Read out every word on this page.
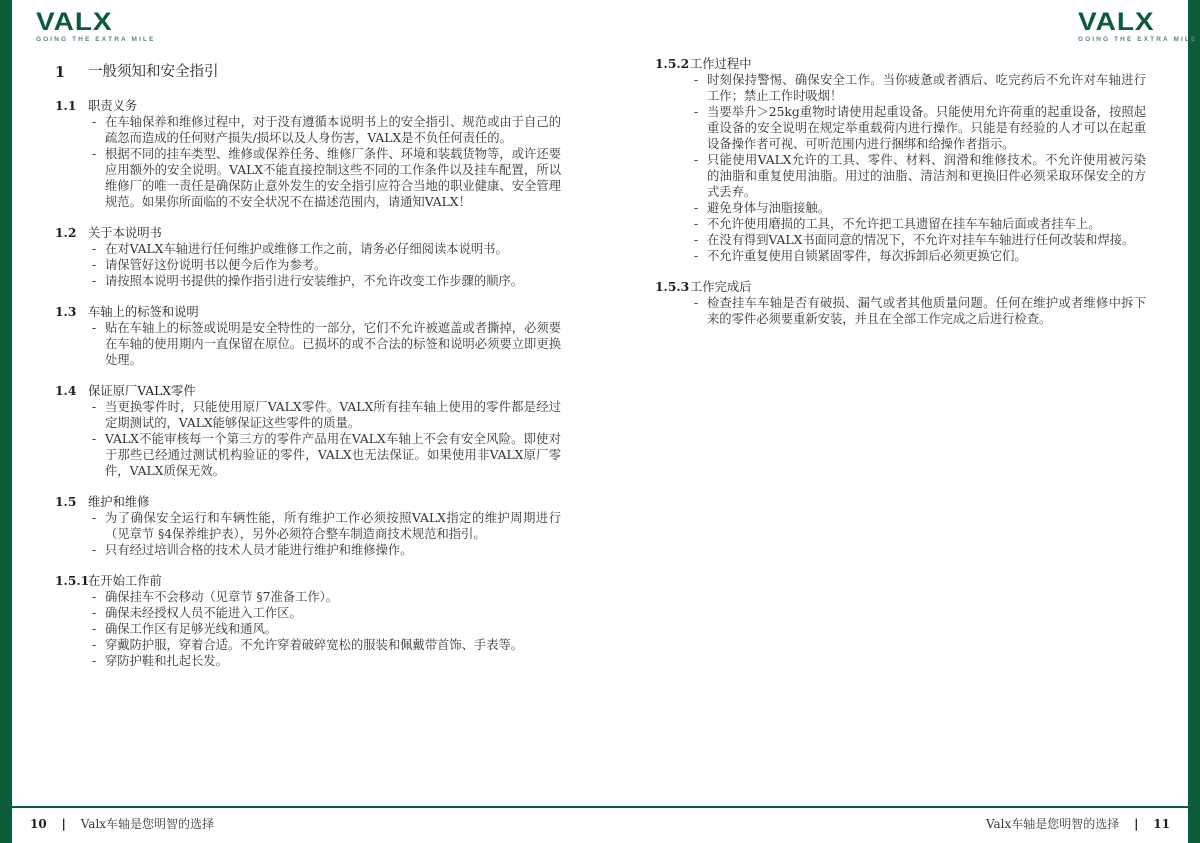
VALX
GOING THE EXTRA MILE
VALX
GOING THE EXTRA MILE
1	一般须知和安全指引
1.1 职责义务
- 在车轴保养和维修过程中，对于没有遵循本说明书上的安全指引、规范或由于自己的疏忽而造成的任何财产损失/损坏以及人身伤害，VALX是不负任何责任的。
- 根据不同的挂车类型、维修或保养任务、维修厂条件、环境和装载货物等，或许还要应用额外的安全说明。VALX不能直接控制这些不同的工作条件以及挂车配置，所以维修厂的唯一责任是确保防止意外发生的安全指引应符合当地的职业健康、安全管理规范。如果你所面临的不安全状况不在描述范围内，请通知VALX！
1.2 关于本说明书
- 在对VALX车轴进行任何维护或维修工作之前，请务必仔细阅读本说明书。
- 请保管好这份说明书以便今后作为参考。
- 请按照本说明书提供的操作指引进行安装维护，不允许改变工作步骤的顺序。
1.3 车轴上的标签和说明
- 贴在车轴上的标签或说明是安全特性的一部分，它们不允许被遮盖或者撕掉，必须要在车轴的使用期内一直保留在原位。已损坏的或不合法的标签和说明必须要立即更换处理。
1.4 保证原厂VALX零件
- 当更换零件时，只能使用原厂VALX零件。VALX所有挂车轴上使用的零件都是经过定期测试的，VALX能够保证这些零件的质量。
- VALX不能审核每一个第三方的零件产品用在VALX车轴上不会有安全风险。即使对于那些已经通过测试机构验证的零件，VALX也无法保证。如果使用非VALX原厂零件，VALX质保无效。
1.5 维护和维修
- 为了确保安全运行和车辆性能，所有维护工作必须按照VALX指定的维护周期进行（见章节 §4保养维护表），另外必须符合整车制造商技术规范和指引。
- 只有经过培训合格的技术人员才能进行维护和维修操作。
1.5.1
在开始工作前
- 确保挂车不会移动（见章节 §7准备工作）。
- 确保未经授权人员不能进入工作区。
- 确保工作区有足够光线和通风。
- 穿戴防护服，穿着合适。不允许穿着破碎宽松的服装和佩戴带首饰、手表等。
- 穿防护鞋和扎起长发。
1.5.2 工作过程中
- 时刻保持警惕、确保安全工作。当你疲惫或者酒后、吃完药后不允许对车轴进行工作；禁止工作时吸烟！
- 当要举升＞25kg重物时请使用起重设备。只能使用允许荷重的起重设备，按照起重设备的安全说明在规定举重载荷内进行操作。只能是有经验的人才可以在起重设备操作者可视、可听范围内进行捆绑和给操作者指示。
- 只能使用VALX允许的工具、零件、材料、润滑和维修技术。不允许使用被污染的油脂和重复使用油脂。用过的油脂、清洁剂和更换旧件必须采取环保安全的方式丢弃。
- 避免身体与油脂接触。
- 不允许使用磨损的工具，不允许把工具遗留在挂车车轴后面或者挂车上。
- 在没有得到VALX书面同意的情况下，不允许对挂车车轴进行任何改装和焊接。
- 不允许重复使用自锁紧固零件，每次拆卸后必须更换它们。
1.5.3 工作完成后
- 检查挂车车轴是否有破损、漏气或者其他质量问题。任何在维护或者维修中拆下来的零件必须要重新安装，并且在全部工作完成之后进行检查。
10 | Valx车轴是您明智的选择	Valx车轴是您明智的选择 | 11
